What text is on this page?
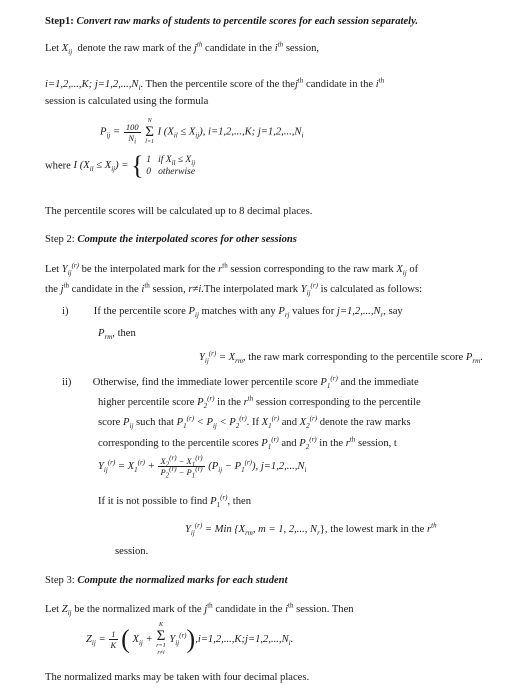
Step1: Convert raw marks of students to percentile scores for each session separately.
Let $X_{ij}$ denote the raw mark of the $j^{th}$ candidate in the $i^{th}$ session,
i=1,2,...,K; $j=1,2,...,N_i$. Then the percentile score of the thej$^{th}$ candidate in the $i^{th}$
session is calculated using the formula
$P_{ij} = \frac{100}{N_i}$
N
Σ
l=1 I $(X_{il} \le X_{ij})$, i=1,2,...,K; $j=1,2,...,N_i$
where I $(X_{il} \le X_{ij})$ = { 1 if $X_{il} \le X_{ij}$
0 otherwise
The percentile scores will be calculated up to 8 decimal places.
Step 2: Compute the interpolated scores for other sessions
Let $Y_{ij}^{(r)}$ be the interpolated mark for the $r^{th}$ session corresponding to the raw mark $X_{ij}$ of
the $j^{th}$ candidate in the $i^{th}$ session, r≠i.The interpolated mark $Y_{ij}^{(r)}$ is calculated as follows:
i) If the percentile score $P_{ij}$ matches with any $P_{rj}$ values for $j=1,2,...,N_r$, say
$P_{rm}$, then
$Y_{ij}^{(r)} = X_{rm}$, the raw mark corresponding to the percentile score $P_{rm}$.
ii) Otherwise, find the immediate lower percentile score $P_1^{(r)}$ and the immediate
higher percentile score $P_2^{(r)}$ in the $r^{th}$ session corresponding to the percentile
score $P_{ij}$ such that $P_1^{(r)} < P_{ij} < P_2^{(r)}$. If $X_1^{(r)}$ and $X_2^{(r)}$ denote the raw marks
corresponding to the percentile scores $P_1^{(r)}$ and $P_2^{(r)}$ in the $r^{th}$ session, t
$Y_{ij}^{(r)} = X_1^{(r)} + \frac{X_2^{(r)} - X_1^{(r)}}{P_2^{(r)} - P_1^{(r)}} (P_{ij} - P_1^{(r)})$, $j=1,2,...,N_i$
If it is not possible to find $P_1^{(r)}$, then
$Y_{ij}^{(r)}$ = Min {$X_{rm}$, m = 1, 2,..., $N_r$}, the lowest mark in the $r^{th}$
session.
Step 3: Compute the normalized marks for each student
Let $Z_{ij}$ be the normalized mark of the $j^{th}$ candidate in the $i^{th}$ session. Then
$Z_{ij} = \frac{1}{K}$ ( $X_{ij} + K$
Σ
r=1
r≠i
$Y_{ij}^{(r)}),i=1,2,...,K;j=1,2,...,N_i$.
The normalized marks may be taken with four decimal places.
